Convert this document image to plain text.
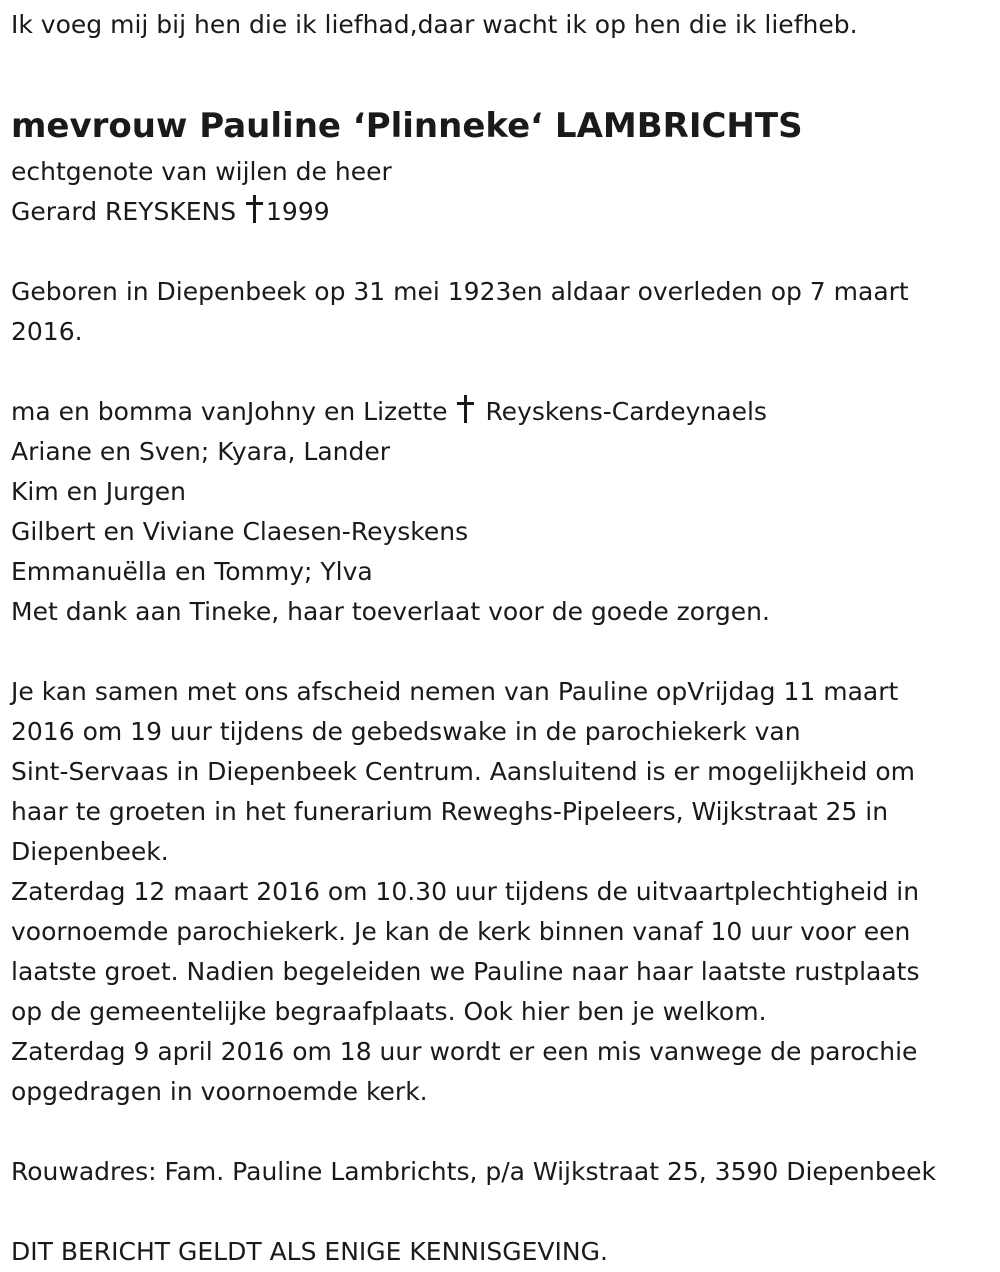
Ik voeg mij bij hen die ik liefhad,daar wacht ik op hen die ik liefheb.
mevrouw Pauline ‘Plinneke‘ LAMBRICHTS
echtgenote van wijlen de heer
Gerard REYSKENS 1999
Geboren in Diepenbeek op 31 mei 1923en aldaar overleden op 7 maart
2016.
ma en bomma vanJohny en Lizette Reyskens-Cardeynaels
Ariane en Sven; Kyara, Lander
Kim en Jurgen
Gilbert en Viviane Claesen-Reyskens
Emmanuëlla en Tommy; Ylva
Met dank aan Tineke, haar toeverlaat voor de goede zorgen.
Je kan samen met ons afscheid nemen van Pauline opVrijdag 11 maart
2016 om 19 uur tijdens de gebedswake in de parochiekerk van
Sint-Servaas in Diepenbeek Centrum. Aansluitend is er mogelijkheid om
haar te groeten in het funerarium Reweghs-Pipeleers, Wijkstraat 25 in
Diepenbeek.
Zaterdag 12 maart 2016 om 10.30 uur tijdens de uitvaartplechtigheid in
voornoemde parochiekerk. Je kan de kerk binnen vanaf 10 uur voor een
laatste groet. Nadien begeleiden we Pauline naar haar laatste rustplaats
op de gemeentelijke begraafplaats. Ook hier ben je welkom.
Zaterdag 9 april 2016 om 18 uur wordt er een mis vanwege de parochie
opgedragen in voornoemde kerk.
Rouwadres: Fam. Pauline Lambrichts, p/a Wijkstraat 25, 3590 Diepenbeek
DIT BERICHT GELDT ALS ENIGE KENNISGEVING.
